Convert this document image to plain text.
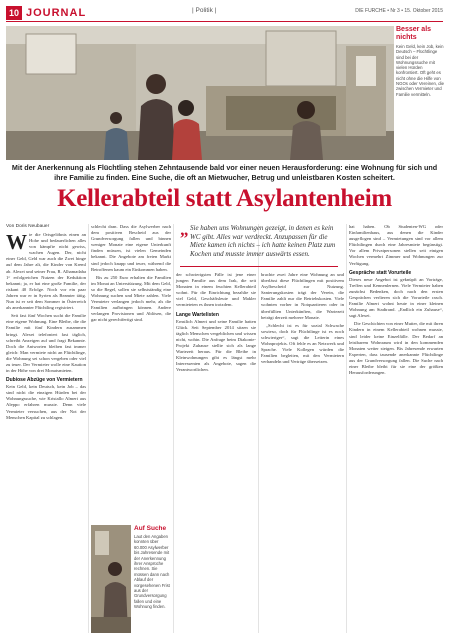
10 JOURNAL	| Politik |	DIE FURCHE • Nr 3 • 15. Oktober 2015
Besser als nichts
Kein Geld, kein Job, kein Deutsch – Flüchtlinge sind bei der Wohnungssuche mit vielen Hürden konfrontiert. Oft geht es nicht ohne die Hilfe von NGOs oder Vereinen, die zwischen Vermieter und Familie vermitteln.
Mit der Anerkennung als Flüchtling stehen Zehntausende bald vor einer neuen Herausforderung: eine Wohnung für sich und ihre Familie zu finden. Eine Suche, die oft an Mietwucher, Betrug und unleistbaren Kosten scheitert.
Kellerabteil statt Asylantenheim
Von Doris Neubauer

Wie die Ortsgelöbnis einen an Hohe und bedauerlichen alles von kämpfte nicht gewiss, wachen Augen. Der, nicht einer Geld, Geld war auch die Zwei hinge auf dem Jahre alt, die Kinder von Kreml ab. Alexei und seiner Frau, R. Alhamadaha 1“ erfolgreichen Nutzen der Keduktion bekannt; ja, er hat eine große Familie, der riskant 40 Erfolge. Noch vor ein paar Jahren war er in Syrien als Beamter tätig. Nun ist er seit dem Sommer in Österreich als anerkannter Flüchtling registriert.

Seit fast fünf Wochen sucht die Familie eine eigene Wohnung. Eine Bleibe, die die Familie mit fünf Kindern zusammen bringt. Alexei telefoniert fast täglich, schreibt Anzeigen auf und fragt Bekannte. Doch die Antworten bleiben fast immer gleich: Man vermiete nicht an Flüchtlinge, die Wohnung sei schon vergeben oder viel zu teuer. Der Vermieter wolle eine Kaution in der Höhe von drei Monatsmieten.

Dubiose Abzüge von Vermietern

Kein Geld, kein Deutsch, kein Job – das sind nicht die einzigen Hürden bei der Wohnungssuche, wie Kristallo Almeri aus Aleppo erfahren musste. Denn viele Vermieter versuchen, aus der Not der Menschen Kapital zu schlagen.

schlecht dran. Dass die Asylwerber nach dem positiven Bescheid aus der Grundversorgung fallen und binnen weniger Monate eine eigene Unterkunft finden müssen, ist vielen Gemeinden bekannt. Die Angebote am freien Markt sind jedoch knapp und teuer, während die Betroffenen kaum ein Einkommen haben.

Bis zu 250 Euro erhalten die Familien im Monat an Unterstützung. Mit dem Geld, so die Regel, sollen sie selbstständig eine Wohnung suchen und Miete zahlen. Viele Vermieter verlangen jedoch mehr, als die Familien aufbringen können. Andere verlangen Provisionen und Ablösen, die gar nicht gerechtfertigt sind.

Auf Suche
Laut den Angaben konnten über 60.000 Asylwerber bis Jahresende mit der Anerkennung ihrer Ansprüche rechnen. Sie müssen dann nach Ablauf der vorgesehenen Frist aus der Grundversorgung fallen und eine Wohnung finden.
„ Sie haben uns Wohnungen gezeigt, in denen es kein WC gibt. Alles war verdreckt. Anzupassen für die Miete kamen ich nichts – ich hatte keinen Platz zum Kochen und musste immer auswärts essen.

der schwierigsten Fälle ist jene einer jungen Familie aus dem Irak, die seit Monaten in einem feuchten Kellerabteil wohnt. Für die Einrichtung bezahlte sie viel Geld, Geschäftsleute und Makler vermieteten es ihnen trotzdem.

Lange Wartelisten

Ernstlich Almeri und seine Familie hatten Glück. Seit September 2014 sitzen sie täglich Menschen vergeblichen und wissen nicht, wohin. Die Anfrage beim Diakonie-Projekt Zuhause stellte sich als lange Wartezeit heraus. Für die Bleibe in Kleinwohnungen gibt es längst mehr Interessenten als Angebote, sagen die Verantwortlichen.

brachte zwei Jahre eine Wohnung an und überlässt diese Flüchtlingen mit positivem Asylbescheid zur Nutzung. Sanierungskosten trägt der Verein, die Familie zahlt nur die Betriebskosten. Viele wohnten vorher in Notquartieren oder in überfüllten Unterkünften, die Wartezeit beträgt derzeit mehrere Monate.

„Schlecht ist es für sozial Schwache sowieso, doch für Flüchtlinge ist es noch schwieriger“, sagt die Leiterin eines Wohnprojekts. Oft fehle es an Netzwerk und Sprache. Viele Kollegen würden die Familien begleiten, mit den Vermietern verhandeln und Verträge übersetzen.

hat haben. Ob Studenten-WG oder Einfamilienhaus, aus denen die Kinder ausgeflogen sind – Vermietungen sind vor allem Flüchtlingen durch eine Jahresmiete begünstigt. Vor allem Privatpersonen stellen seit einigen Wochen vermehrt Zimmer und Wohnungen zur Verfügung.

Gespräche statt Vorurteile

Dieses neue Angebot ist geknüpft an Vorträge, Treffen und Kennenlernen. Viele Vermieter haben zunächst Bedenken, doch nach den ersten Gesprächen verlieren sich die Vorurteile rasch. Familie Almeri wohnt heute in einer kleinen Wohnung am Stadtrand. „Endlich ein Zuhause“, sagt Alexei.

Die Geschichten von einer Mutter, die mit ihren Kindern in einem Kellerabteil wohnen musste, sind leider keine Einzelfälle. Der Bedarf an leistbarem Wohnraum wird in den kommenden Monaten weiter steigen. Bis Jahresende erwarten Experten, dass tausende anerkannte Flüchtlinge aus der Grundversorgung fallen. Die Suche nach einer Bleibe bleibt für sie eine der größten Herausforderungen.
